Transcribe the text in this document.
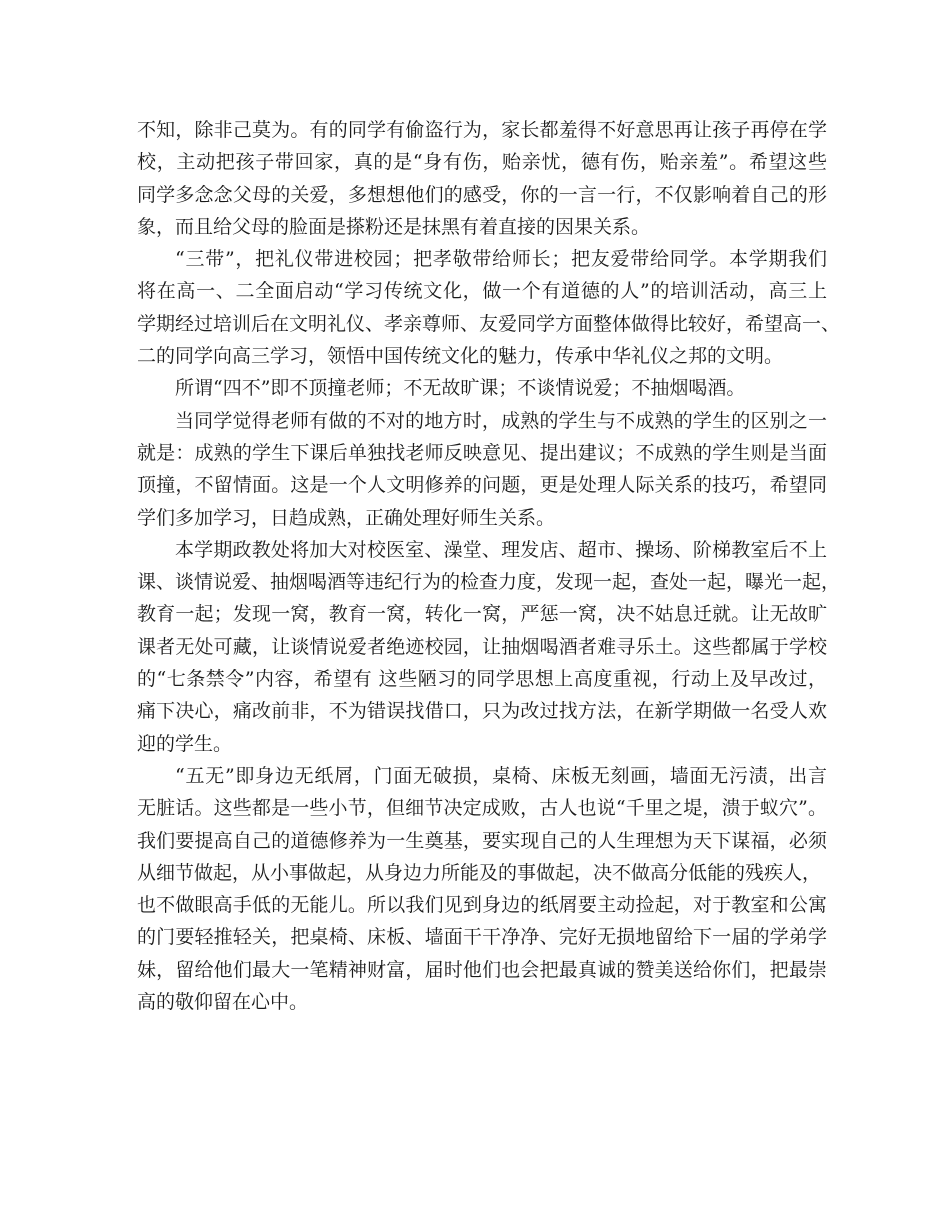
不知，除非己莫为。有的同学有偷盗行为，家长都羞得不好意思再让孩子再停在学
校，主动把孩子带回家，真的是“身有伤，贻亲忧，德有伤，贻亲羞”。希望这些
同学多念念父母的关爱，多想想他们的感受，你的一言一行，不仅影响着自己的形
象，而且给父母的脸面是搽粉还是抹黑有着直接的因果关系。
“三带”，把礼仪带进校园；把孝敬带给师长；把友爱带给同学。本学期我们
将在高一、二全面启动“学习传统文化，做一个有道德的人”的培训活动，高三上
学期经过培训后在文明礼仪、孝亲尊师、友爱同学方面整体做得比较好，希望高一、
二的同学向高三学习，领悟中国传统文化的魅力，传承中华礼仪之邦的文明。
所谓“四不”即不顶撞老师；不无故旷课；不谈情说爱；不抽烟喝酒。
当同学觉得老师有做的不对的地方时，成熟的学生与不成熟的学生的区别之一
就是：成熟的学生下课后单独找老师反映意见、提出建议；不成熟的学生则是当面
顶撞，不留情面。这是一个人文明修养的问题，更是处理人际关系的技巧，希望同
学们多加学习，日趋成熟，正确处理好师生关系。
本学期政教处将加大对校医室、澡堂、理发店、超市、操场、阶梯教室后不上
课、谈情说爱、抽烟喝酒等违纪行为的检查力度，发现一起，查处一起，曝光一起，
教育一起；发现一窝，教育一窝，转化一窝，严惩一窝，决不姑息迁就。让无故旷
课者无处可藏，让谈情说爱者绝迹校园，让抽烟喝酒者难寻乐土。这些都属于学校
的“七条禁令”内容，希望有 这些陋习的同学思想上高度重视，行动上及早改过，
痛下决心，痛改前非，不为错误找借口，只为改过找方法，在新学期做一名受人欢
迎的学生。
“五无”即身边无纸屑，门面无破损，桌椅、床板无刻画，墙面无污渍，出言
无脏话。这些都是一些小节，但细节决定成败，古人也说“千里之堤，溃于蚁穴”。
我们要提高自己的道德修养为一生奠基，要实现自己的人生理想为天下谋福，必须
从细节做起，从小事做起，从身边力所能及的事做起，决不做高分低能的残疾人，
也不做眼高手低的无能儿。所以我们见到身边的纸屑要主动捡起，对于教室和公寓
的门要轻推轻关，把桌椅、床板、墙面干干净净、完好无损地留给下一届的学弟学
妹，留给他们最大一笔精神财富，届时他们也会把最真诚的赞美送给你们，把最崇
高的敬仰留在心中。
